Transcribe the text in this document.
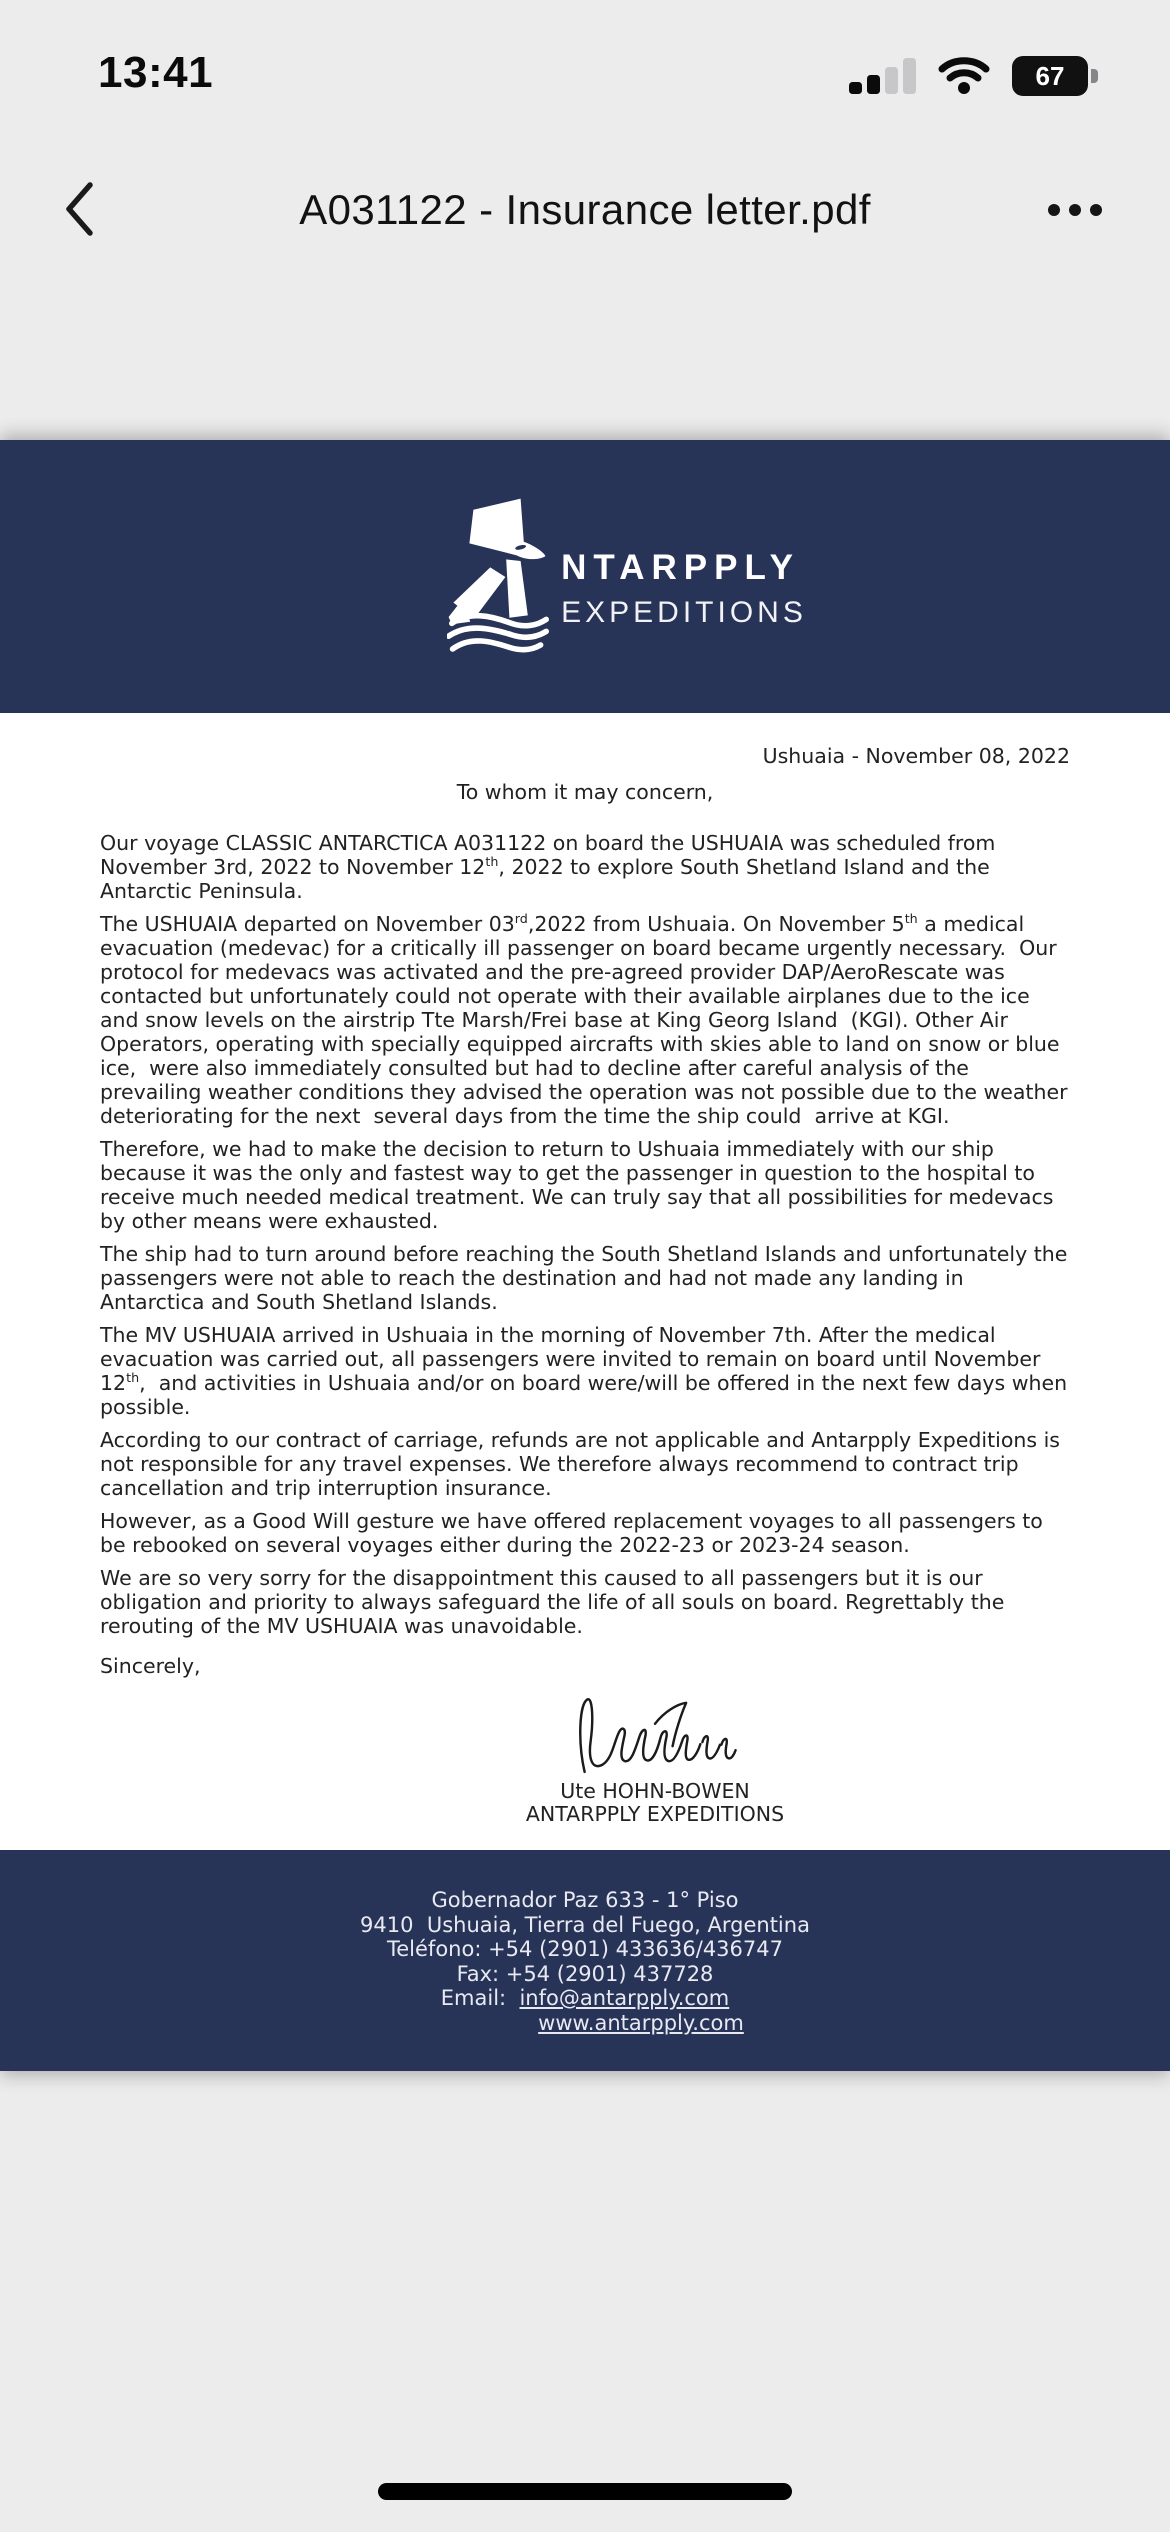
13:41	67
A031122 - Insurance letter.pdf
NTARPPLY
EXPEDITIONS
Ushuaia - November 08, 2022
To whom it may concern,

Our voyage CLASSIC ANTARCTICA A031122 on board the USHUAIA was scheduled from November 3rd, 2022 to November 12th, 2022 to explore South Shetland Island and the Antarctic Peninsula.

The USHUAIA departed on November 03rd,2022 from Ushuaia. On November 5th a medical evacuation (medevac) for a critically ill passenger on board became urgently necessary.  Our protocol for medevacs was activated and the pre-agreed provider DAP/AeroRescate was contacted but unfortunately could not operate with their available airplanes due to the ice and snow levels on the airstrip Tte Marsh/Frei base at King Georg Island  (KGI). Other Air Operators, operating with specially equipped aircrafts with skies able to land on snow or blue ice,  were also immediately consulted but had to decline after careful analysis of the prevailing weather conditions they advised the operation was not possible due to the weather deteriorating for the next  several days from the time the ship could  arrive at KGI.

Therefore, we had to make the decision to return to Ushuaia immediately with our ship because it was the only and fastest way to get the passenger in question to the hospital to receive much needed medical treatment. We can truly say that all possibilities for medevacs by other means were exhausted.

The ship had to turn around before reaching the South Shetland Islands and unfortunately the passengers were not able to reach the destination and had not made any landing in Antarctica and South Shetland Islands.

The MV USHUAIA arrived in Ushuaia in the morning of November 7th. After the medical evacuation was carried out, all passengers were invited to remain on board until November 12th,  and activities in Ushuaia and/or on board were/will be offered in the next few days when possible.

According to our contract of carriage, refunds are not applicable and Antarpply Expeditions is not responsible for any travel expenses. We therefore always recommend to contract trip cancellation and trip interruption insurance.

However, as a Good Will gesture we have offered replacement voyages to all passengers to be rebooked on several voyages either during the 2022-23 or 2023-24 season.

We are so very sorry for the disappointment this caused to all passengers but it is our obligation and priority to always safeguard the life of all souls on board. Regrettably the rerouting of the MV USHUAIA was unavoidable.

Sincerely,
Ute HOHN-BOWEN
ANTARPPLY EXPEDITIONS
Gobernador Paz 633 - 1° Piso
9410  Ushuaia, Tierra del Fuego, Argentina
Teléfono: +54 (2901) 433636/436747
Fax: +54 (2901) 437728
Email:  info@antarpply.com
www.antarpply.com
